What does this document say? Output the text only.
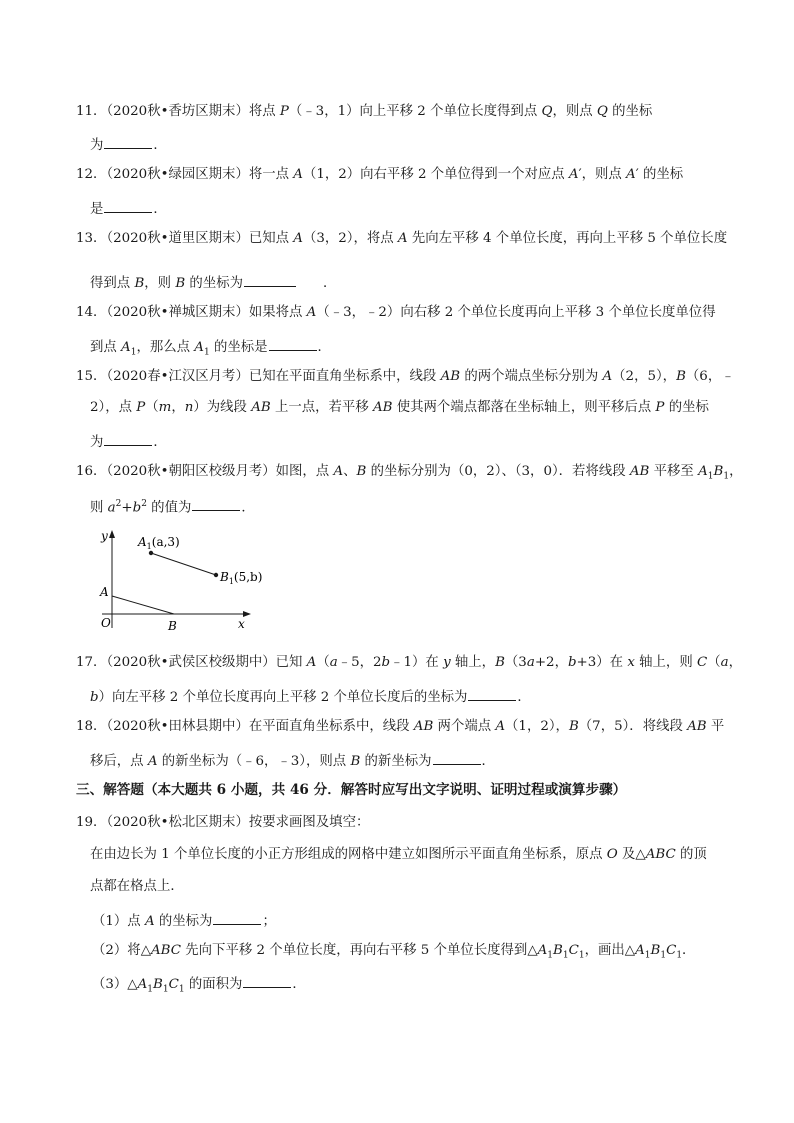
11．（2020秋•香坊区期末）将点 P（﹣3，1）向上平移 2 个单位长度得到点 Q，则点 Q 的坐标
为	．
12．（2020秋•绿园区期末）将一点 A（1，2）向右平移 2 个单位得到一个对应点 A′，则点 A′ 的坐标
是	．
13．（2020秋•道里区期末）已知点 A（3，2），将点 A 先向左平移 4 个单位长度，再向上平移 5 个单位长度
得到点 B，则 B 的坐标为	．
14．（2020秋•禅城区期末）如果将点 A（﹣3，﹣2）向右移 2 个单位长度再向上平移 3 个单位长度单位得
到点 $A_1$，那么点 $A_1$ 的坐标是	．
15．（2020春•江汉区月考）已知在平面直角坐标系中，线段 AB 的两个端点坐标分别为 A（2，5），B（6，﹣
2），点 P（m，n）为线段 AB 上一点，若平移 AB 使其两个端点都落在坐标轴上，则平移后点 P 的坐标
为	．
16．（2020秋•朝阳区校级月考）如图，点 A、B 的坐标分别为（0，2）、（3，0）．若将线段 AB 平移至 $A_1B_1$，
则 $a^2+b^2$ 的值为	．
y
x
O
A
B
$A_1(a,3)$
$B_1(5,b)$
17．（2020秋•武侯区校级期中）已知 A（a﹣5，2b﹣1）在 y 轴上，B（3a+2，b+3）在 x 轴上，则 C（a，
b）向左平移 2 个单位长度再向上平移 2 个单位长度后的坐标为	．
18．（2020秋•田林县期中）在平面直角坐标系中，线段 AB 两个端点 A（1，2），B（7，5）．将线段 AB 平
移后，点 A 的新坐标为（﹣6，﹣3），则点 B 的新坐标为	．
三、解答题（本大题共 6 小题，共 46 分．解答时应写出文字说明、证明过程或演算步骤）
19．（2020秋•松北区期末）按要求画图及填空：
在由边长为 1 个单位长度的小正方形组成的网格中建立如图所示平面直角坐标系，原点 O 及△ABC 的顶
点都在格点上．
（1）点 A 的坐标为	；
（2）将△ABC 先向下平移 2 个单位长度，再向右平移 5 个单位长度得到$\triangle A_1B_1C_1$，画出$\triangle A_1B_1C_1$．
$(3)\triangle A_1B_1C_1$ 的面积为	．
